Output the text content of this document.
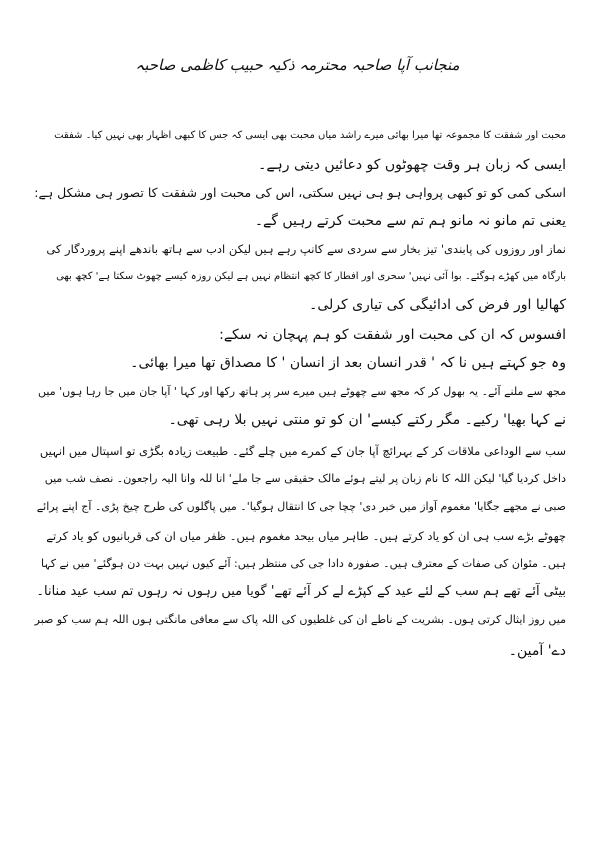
منجانب آپا صاحبہ محترمہ ذکیہ حبیب کاظمی صاحبہ
محبت اور شفقت کا مجموعہ تھا میرا بھائی میرے راشد میاں محبت بھی ایسی کہ جس کا کبھی اظہار بھی نہیں کیا۔ شفقت
ایسی کہ زبان ہر وقت چھوٹوں کو دعائیں دیتی رہے۔
اسکی کمی کو تو کبھی پرواہی ہو ہی نہیں سکتی، اس کی محبت اور شفقت کا تصور ہی مشکل ہے:
یعنی تم مانو نہ مانو ہم تم سے محبت کرتے رہیں گے۔
نماز اور روزوں کی پابندی' تیز بخار سے سردی سے کانپ رہے ہیں لیکن ادب سے ہاتھ باندھے اپنے پروردگار کی
بارگاہ میں کھڑے ہوگئے۔ بوا آئی نہیں' سحری اور افطار کا کچھ انتظام نہیں ہے لیکن روزہ کیسے چھوٹ سکتا ہے' کچھ بھی
کھالیا اور فرض کی ادائیگی کی تیاری کرلی۔
افسوس کہ ان کی محبت اور شفقت کو ہم پہچان نہ سکے:
وہ جو کہتے ہیں نا کہ ' قدر انسان بعد از انسان ' کا مصداق تھا میرا بھائی۔
مجھ سے ملنے آئے۔ یہ بھول کر کہ مجھ سے چھوٹے ہیں میرے سر پر ہاتھ رکھا اور کہا ' آپا جان میں جا رہا ہوں' میں
نے کہا بھیا' رکیے۔ مگر رکتے کیسے' ان کو تو منتی نہیں بلا رہی تھی۔
سب سے الوداعی ملاقات کر کے بہرائچ آپا جان کے کمرے میں چلے گئے۔ طبیعت زیادہ بگڑی تو اسپتال میں انہیں
داخل کردیا گیا' لیکن اللہ کا نام زبان پر لیتے ہوئے مالک حقیقی سے جا ملے' انا للہ وانا الیہ راجعون۔ نصف شب میں
صبی نے مجھے جگایا' مغموم آواز میں خبر دی' چچا جی کا انتقال ہوگیا'۔ میں پاگلوں کی طرح چیخ پڑی۔ آج اپنے پرائے
چھوٹے بڑے سب ہی ان کو یاد کرتے ہیں۔ طاہر میاں بیحد مغموم ہیں۔ ظفر میاں ان کی قربانیوں کو یاد کرتے
ہیں۔ مئوان کی صفات کے معترف ہیں۔ صفورہ دادا جی کی منتظر ہیں: آئے کیوں نہیں بہت دن ہوگئے' میں نے کہا
بیٹی آئے تھے ہم سب کے لئے عید کے کپڑے لے کر آئے تھے' گویا میں رہوں نہ رہوں تم سب عید منانا۔
میں روز ایثال کرتی ہوں۔ بشریت کے ناطے ان کی غلطیوں کی اللہ پاک سے معافی مانگتی ہوں اللہ ہم سب کو صبر
دے' آمین۔
